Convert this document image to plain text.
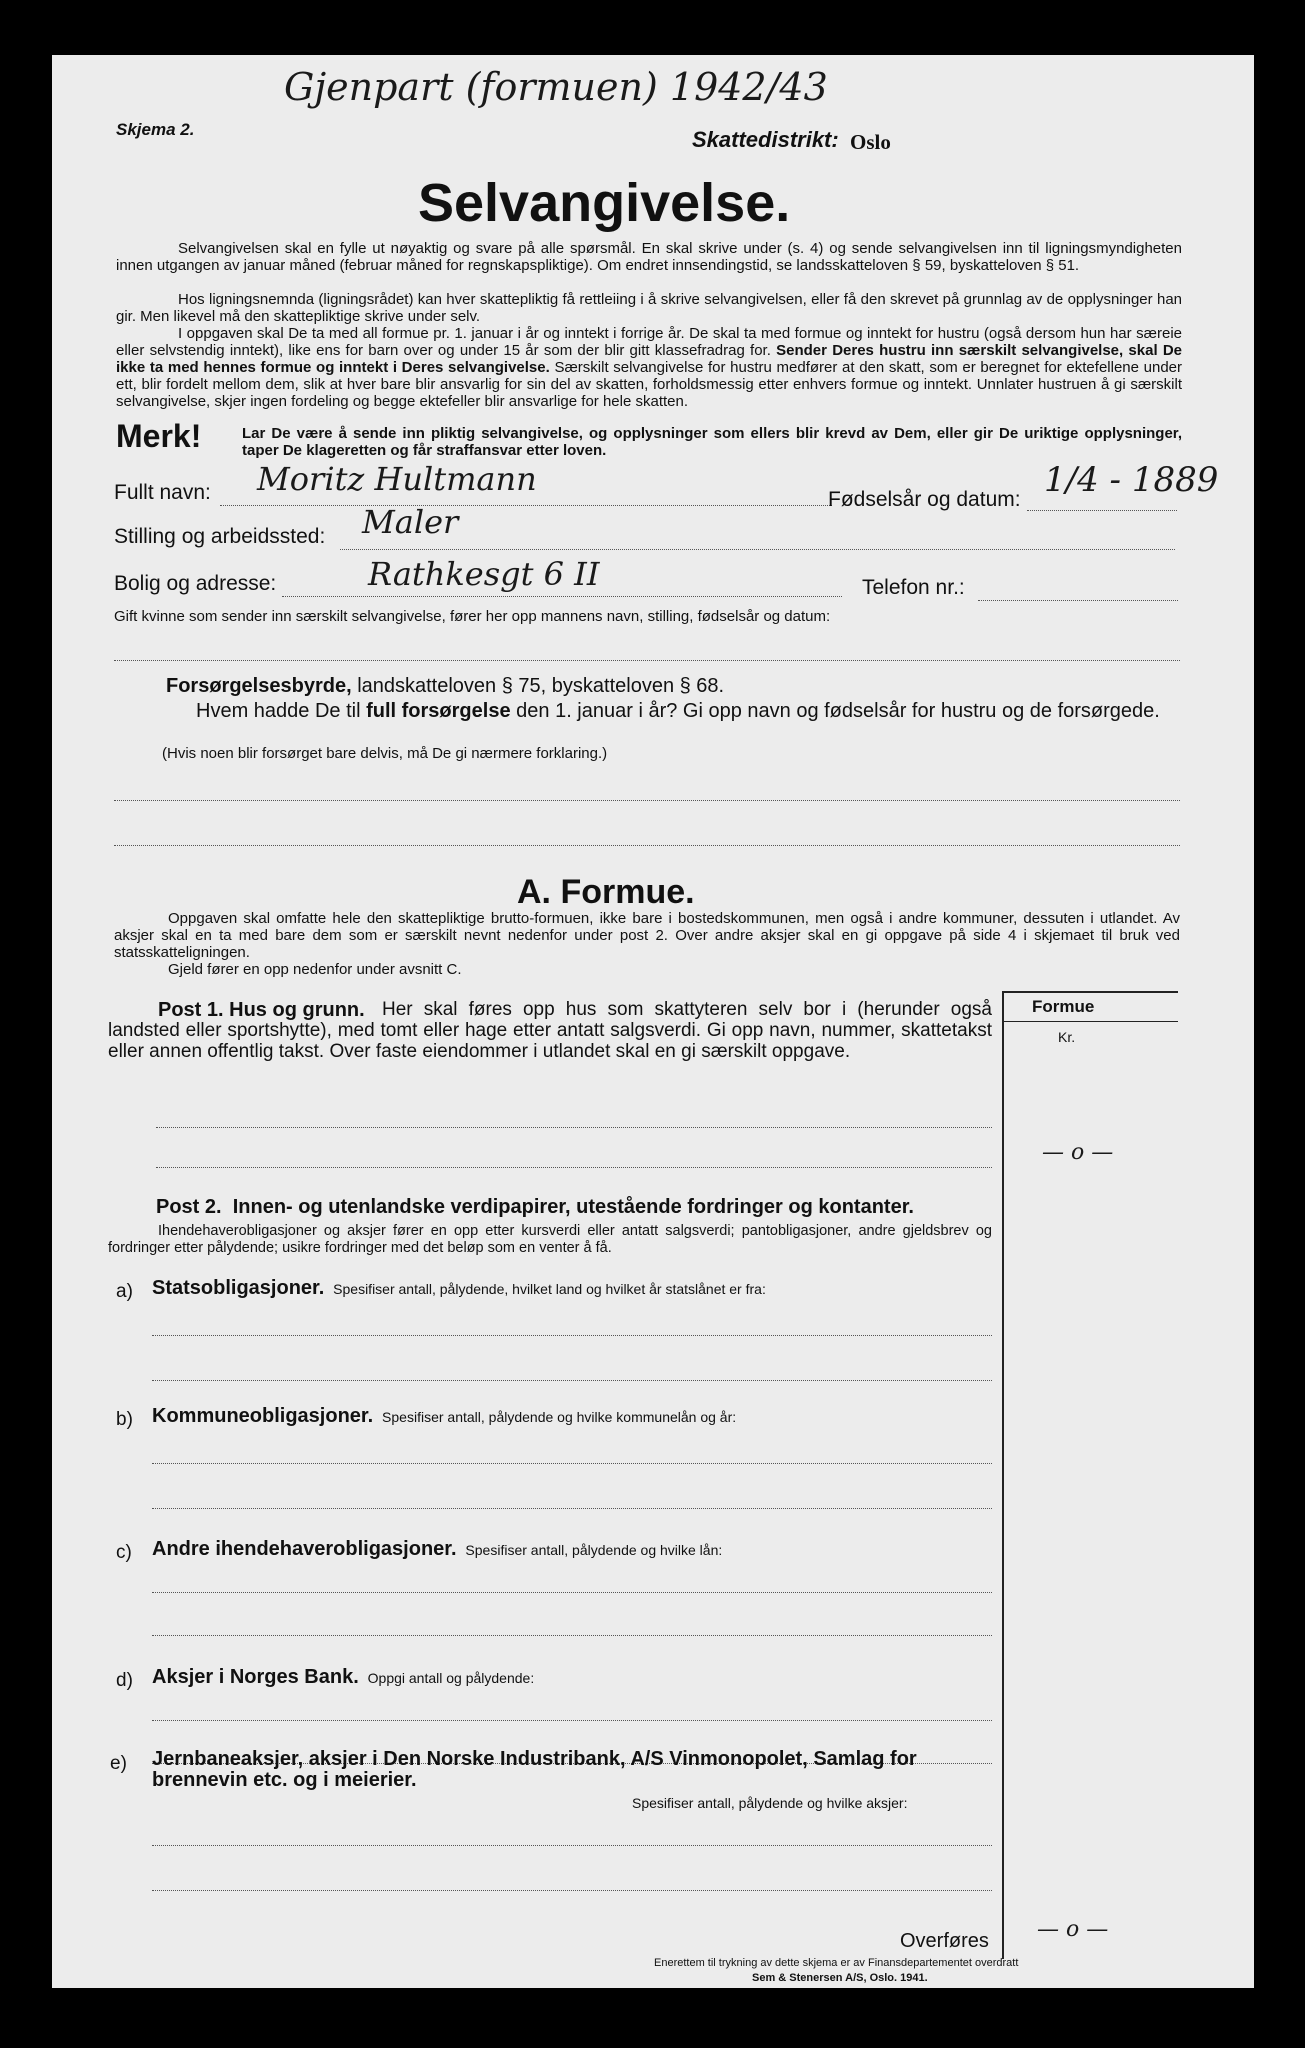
Gjenpart (formuen) 1942/43
Skjema 2.	Skattedistrikt: Oslo
Selvangivelse.
Selvangivelsen skal en fylle ut nøyaktig og svare på alle spørsmål. En skal skrive under (s. 4) og sende selvangivelsen inn til ligningsmyndigheten innen utgangen av januar måned (februar måned for regnskapspliktige). Om endret innsendingstid, se landsskatteloven § 59, byskatteloven § 51.
Hos ligningsnemnda (ligningsrådet) kan hver skattepliktig få rettleiing i å skrive selvangivelsen, eller få den skrevet på grunnlag av de opplysninger han gir. Men likevel må den skattepliktige skrive under selv.
I oppgaven skal De ta med all formue pr. 1. januar i år og inntekt i forrige år. De skal ta med formue og inntekt for hustru (også dersom hun har særeie eller selvstendig inntekt), like ens for barn over og under 15 år som der blir gitt klassefradrag for. Sender Deres hustru inn særskilt selvangivelse, skal De ikke ta med hennes formue og inntekt i Deres selvangivelse. Særskilt selvangivelse for hustru medfører at den skatt, som er beregnet for ektefellene under ett, blir fordelt mellom dem, slik at hver bare blir ansvarlig for sin del av skatten, forholdsmessig etter enhvers formue og inntekt. Unnlater hustruen å gi særskilt selvangivelse, skjer ingen fordeling og begge ektefeller blir ansvarlige for hele skatten.
Merk!	Lar De være å sende inn pliktig selvangivelse, og opplysninger som ellers blir krevd av Dem, eller gir De uriktige opplysninger, taper De klageretten og får straffansvar etter loven.
Fullt navn: Moritz Hultmann
Fødselsår og datum: 1/4 - 1889
Stilling og arbeidssted: Maler
Bolig og adresse:	Rathkesgt 6 II	Telefon nr.:
Gift kvinne som sender inn særskilt selvangivelse, fører her opp mannens navn, stilling, fødselsår og datum:
Forsørgelsesbyrde, landskatteloven § 75, byskatteloven § 68.
Hvem hadde De til full forsørgelse den 1. januar i år? Gi opp navn og fødselsår for hustru og de forsørgede.
(Hvis noen blir forsørget bare delvis, må De gi nærmere forklaring.)
A. Formue.
Oppgaven skal omfatte hele den skattepliktige brutto-formuen, ikke bare i bostedskommunen, men også i andre kommuner, dessuten i utlandet. Av aksjer skal en ta med bare dem som er særskilt nevnt nedenfor under post 2. Over andre aksjer skal en gi oppgave på side 4 i skjemaet til bruk ved statsskatteligningen.
Gjeld fører en opp nedenfor under avsnitt C.
Formue
Kr.
Post 1. Hus og grunn. Her skal føres opp hus som skattyteren selv bor i (herunder også landsted eller sportshytte), med tomt eller hage etter antatt salgsverdi. Gi opp navn, nummer, skattetakst eller annen offentlig takst. Over faste eiendommer i utlandet skal en gi særskilt oppgave.
— o —
Post 2. Innen- og utenlandske verdipapirer, utestående fordringer og kontanter.
Ihendehaverobligasjoner og aksjer fører en opp etter kursverdi eller antatt salgsverdi; pantobligasjoner, andre gjeldsbrev og fordringer etter pålydende; usikre fordringer med det beløp som en venter å få.
a) Statsobligasjoner. Spesifiser antall, pålydende, hvilket land og hvilket år statslånet er fra:
b) Kommuneobligasjoner. Spesifiser antall, pålydende og hvilke kommunelån og år:
c) Andre ihendehaverobligasjoner. Spesifiser antall, pålydende og hvilke lån:
d) Aksjer i Norges Bank. Oppgi antall og pålydende:
e) Jernbaneaksjer, aksjer i Den Norske Industribank, A/S Vinmonopolet, Samlag for brennevin etc. og i meierier.
Spesifiser antall, pålydende og hvilke aksjer:
Overføres — o —
Enerettem til trykning av dette skjema er av Finansdepartementet overdratt
Sem & Stenersen A/S, Oslo. 1941.
